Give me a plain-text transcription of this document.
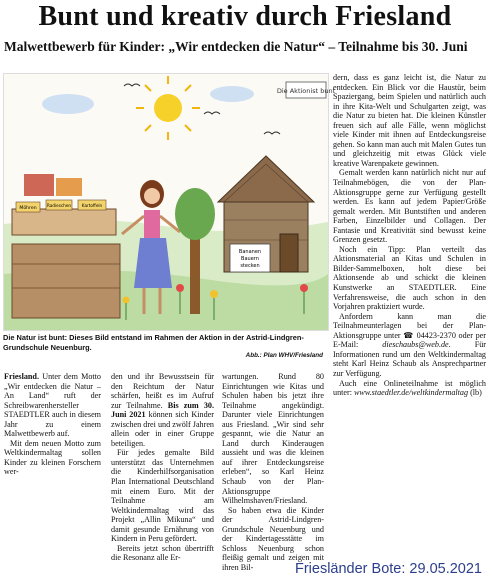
Bunt und kreativ durch Friesland
Malwettbewerb für Kinder: „Wir entdecken die Natur“ – Teilnahme bis 30. Juni
Die Aktionist bunt
Möhren
Radieschen	Kartoffeln
Bananen
Bauern
stecken
Die Natur ist bunt: Dieses Bild entstand im Rahmen der Aktion in der Astrid-Lindgren-Grundschule Neuenburg.
Abb.: Plan WHV/Friesland

Friesland. Unter dem Motto „Wir entdecken die Natur – An Land“ ruft der Schreibwarenhersteller STAEDTLER auch in diesem Jahr zu einem Malwettbewerb auf.

Mit dem neuen Motto zum Weltkindermaltag sollen Kinder zu kleinen Forschern wer-

den und ihr Bewusstsein für den Reichtum der Natur schärfen, heißt es im Aufruf zur Teilnahme. Bis zum 30. Juni 2021 können sich Kinder zwischen drei und zwölf Jahren allein oder in einer Gruppe beteiligen.

Für jedes gemalte Bild unterstützt das Unternehmen die Kinderhilfsorganisation Plan International Deutschland mit einem Euro. Mit der Teilnahme am Weltkindermaltag wird das Projekt „Allin Mikuna“ und damit gesunde Ernährung von Kindern in Peru gefördert.

Bereits jetzt schon übertrifft die Resonanz alle Er-

wartungen. Rund 80 Einrichtungen wie Kitas und Schulen haben bis jetzt ihre Teilnahme angekündigt. Darunter viele Einrichtungen aus Friesland. „Wir sind sehr gespannt, wie die Natur an Land durch Kinderaugen aussieht und was die kleinen auf ihrer Entdeckungsreise erleben“, so Karl Heinz Schaub von der Plan-Aktionsgruppe Wilhelmshaven/Friesland.

So haben etwa die Kinder der Astrid-Lindgren-Grundschule Neuenburg und der Kindertagesstätte im Schloss Neuenburg schon fleißig gemalt und zeigen mit ihren Bil-

dern, dass es ganz leicht ist, die Natur zu entdecken. Ein Blick vor die Haustür, beim Spaziergang, beim Spielen und natürlich auch in ihre Kita-Welt und Schulgarten zeigt, was die Natur zu bieten hat. Die kleinen Künstler freuen sich auf alle Fälle, wenn möglichst viele Kinder mit ihnen auf Entdeckungsreise gehen. So kann man auch mit Malen Gutes tun und gleichzeitig mit etwas Glück viele kreative Warenpakete gewinnen.

Gemalt werden kann natürlich nicht nur auf Teilnahmebögen, die von der Plan-Aktionsgruppe gerne zur Verfügung gestellt werden. Es kann auf jedem Papier/Größe gemalt werden. Mit Buntstiften und anderen Farben, Einzelbilder und Collagen. Der Fantasie und Kreativität sind bewusst keine Grenzen gesetzt.

Noch ein Tipp: Plan verteilt das Aktionsmaterial an Kitas und Schulen in Bilder-Sammelboxen, holt diese bei Aktionsende ab und schickt die kleinen Kunstwerke an STAEDTLER. Eine Verfahrensweise, die auch schon in den Vorjahren praktiziert wurde.

Anfordern kann man die Teilnahmeunterlagen bei der Plan-Aktionsgruppe unter ☎ 04423-2370 oder per E-Mail: dieschaubs@web.de. Für Informationen rund um den Weltkindermaltag steht Karl Heinz Schaub als Ansprechpartner zur Verfügung.

Auch eine Onlineteilnahme ist möglich unter: www.staedtler.de/weltkindermaltag (lb)

Friesländer Bote: 29.05.2021
